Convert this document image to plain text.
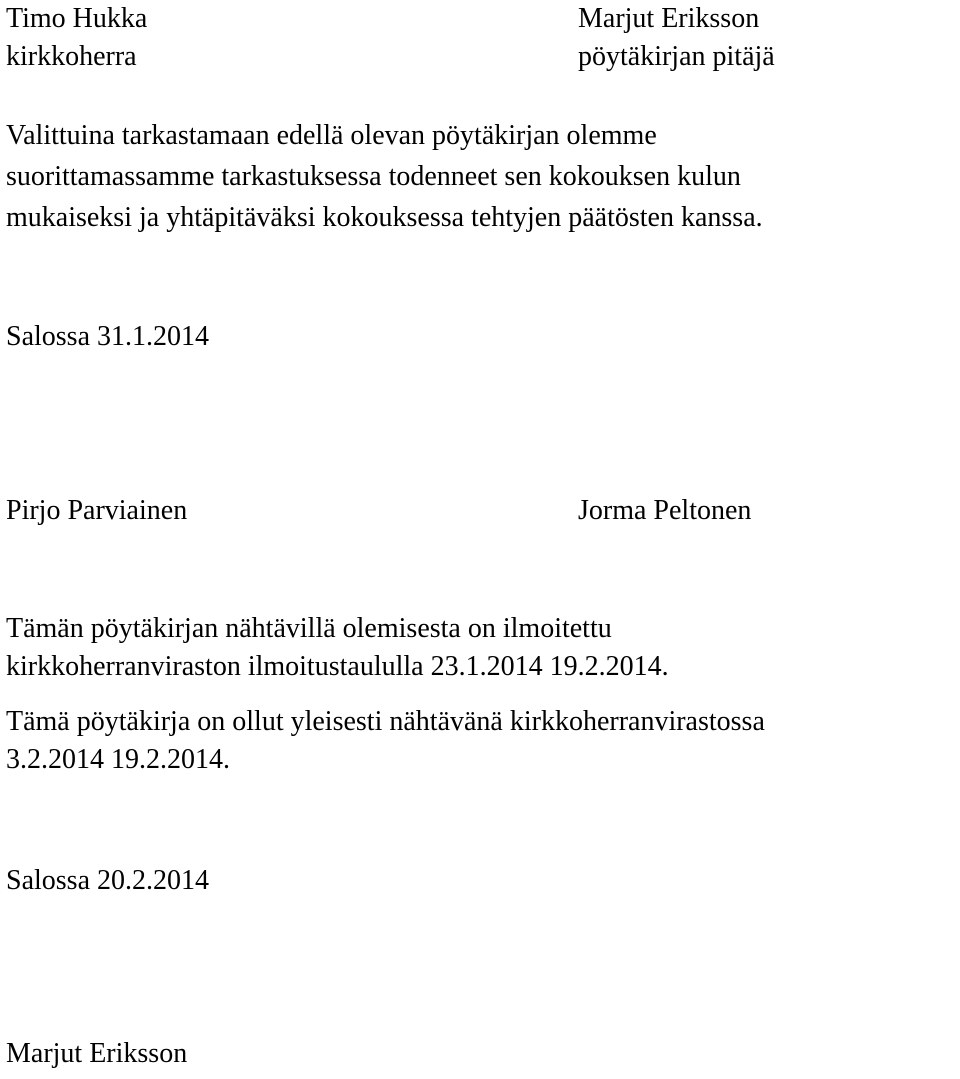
Timo Hukka
kirkkoherra
Marjut Eriksson
pöytäkirjan pitäjä
Valittuina tarkastamaan edellä olevan pöytäkirjan olemme
suorittamassamme tarkastuksessa todenneet sen kokouksen kulun
mukaiseksi ja yhtäpitäväksi kokouksessa tehtyjen päätösten kanssa.
Salossa 31.1.2014
Pirjo Parviainen	Jorma Peltonen
Tämän pöytäkirjan nähtävillä olemisesta on ilmoitettu
kirkkoherranviraston ilmoitustaululla 23.1.2014 19.2.2014.
Tämä pöytäkirja on ollut yleisesti nähtävänä kirkkoherranvirastossa
3.2.2014 19.2.2014.
Salossa 20.2.2014
Marjut Eriksson
